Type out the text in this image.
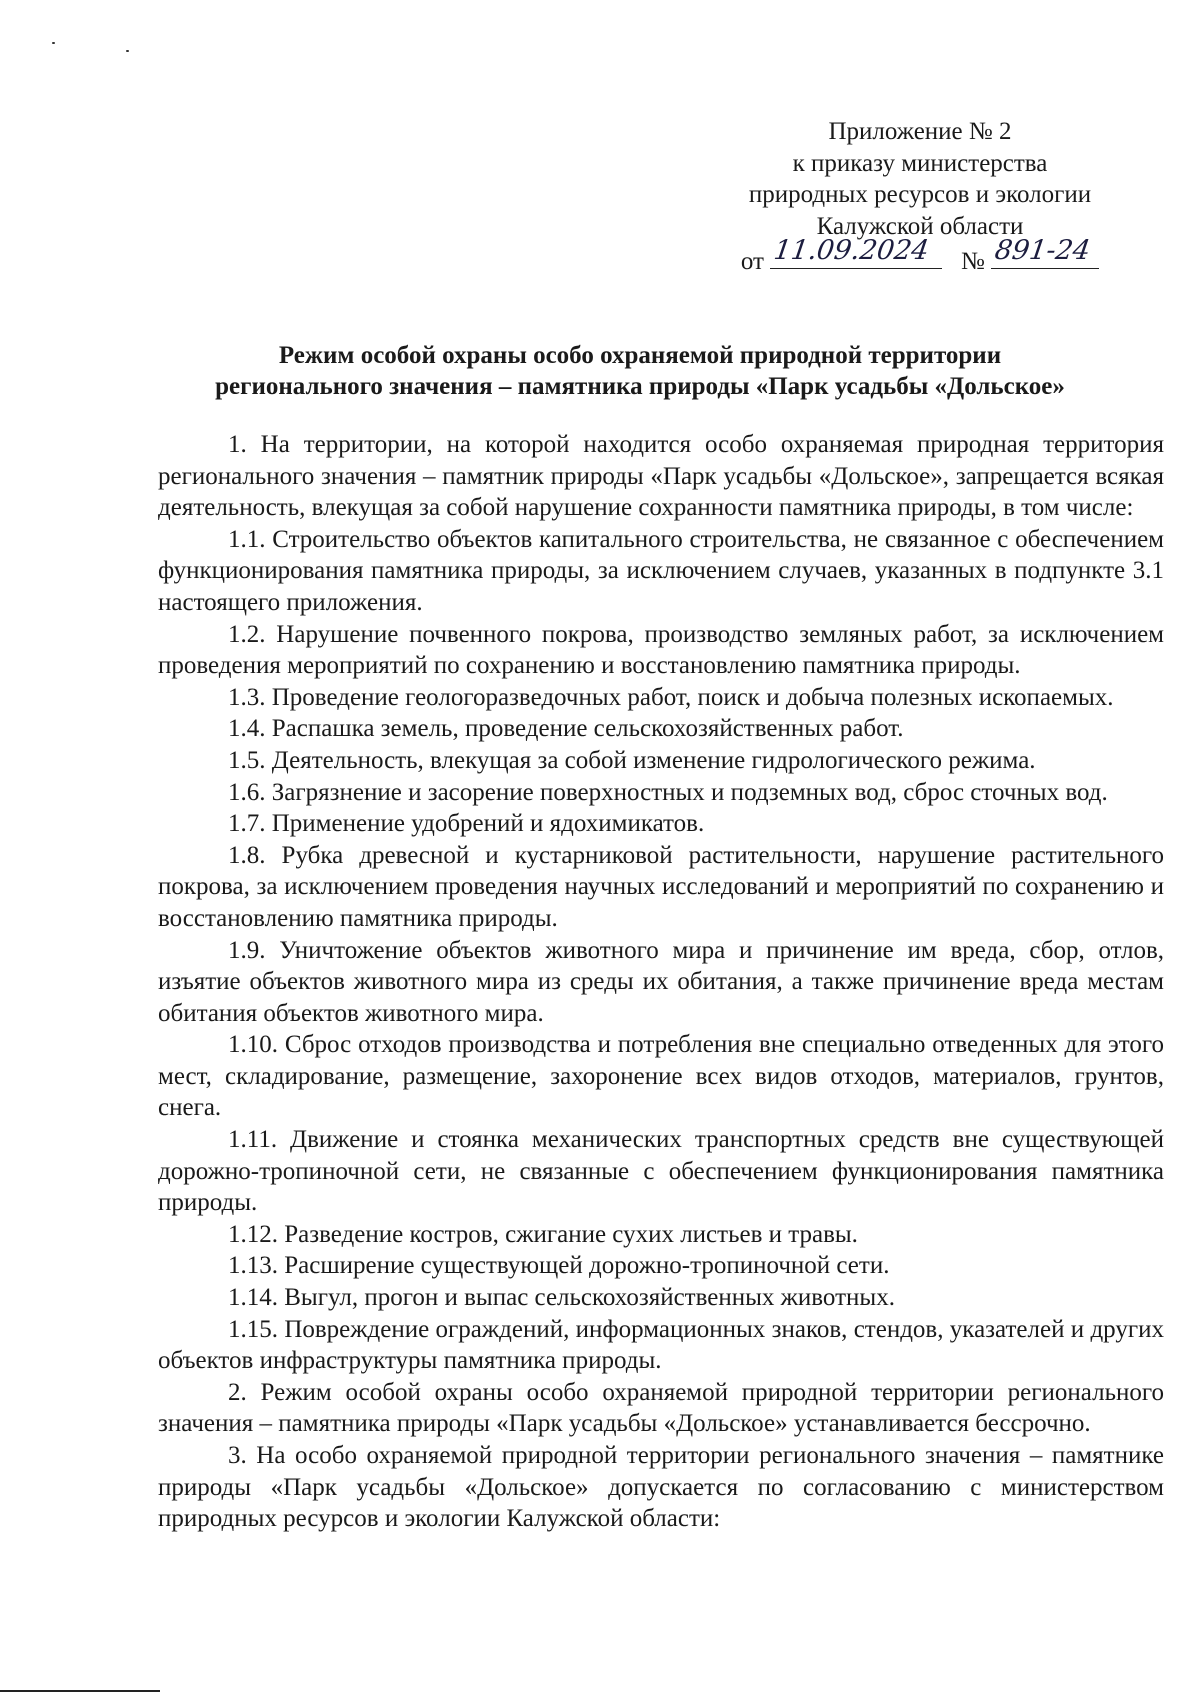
Приложение № 2
к приказу министерства
природных ресурсов и экологии
Калужской области
от 11.09.2024 № 891-24
Режим особой охраны особо охраняемой природной территории
регионального значения – памятника природы «Парк усадьбы «Дольское»

1. На территории, на которой находится особо охраняемая природная территория регионального значения – памятник природы «Парк усадьбы «Дольское», запрещается всякая деятельность, влекущая за собой нарушение сохранности памятника природы, в том числе:

1.1. Строительство объектов капитального строительства, не связанное с обеспечением функционирования памятника природы, за исключением случаев, указанных в подпункте 3.1 настоящего приложения.

1.2. Нарушение почвенного покрова, производство земляных работ, за исключением проведения мероприятий по сохранению и восстановлению памятника природы.

1.3. Проведение геологоразведочных работ, поиск и добыча полезных ископаемых.

1.4. Распашка земель, проведение сельскохозяйственных работ.

1.5. Деятельность, влекущая за собой изменение гидрологического режима.

1.6. Загрязнение и засорение поверхностных и подземных вод, сброс сточных вод.

1.7. Применение удобрений и ядохимикатов.

1.8. Рубка древесной и кустарниковой растительности, нарушение растительного покрова, за исключением проведения научных исследований и мероприятий по сохранению и восстановлению памятника природы.

1.9. Уничтожение объектов животного мира и причинение им вреда, сбор, отлов, изъятие объектов животного мира из среды их обитания, а также причинение вреда местам обитания объектов животного мира.

1.10. Сброс отходов производства и потребления вне специально отведенных для этого мест, складирование, размещение, захоронение всех видов отходов, материалов, грунтов, снега.

1.11. Движение и стоянка механических транспортных средств вне существующей дорожно-тропиночной сети, не связанные с обеспечением функционирования памятника природы.

1.12. Разведение костров, сжигание сухих листьев и травы.

1.13. Расширение существующей дорожно-тропиночной сети.

1.14. Выгул, прогон и выпас сельскохозяйственных животных.

1.15. Повреждение ограждений, информационных знаков, стендов, указателей и других объектов инфраструктуры памятника природы.

2. Режим особой охраны особо охраняемой природной территории регионального значения – памятника природы «Парк усадьбы «Дольское» устанавливается бессрочно.

3. На особо охраняемой природной территории регионального значения – памятнике природы «Парк усадьбы «Дольское» допускается по согласованию с министерством природных ресурсов и экологии Калужской области:
